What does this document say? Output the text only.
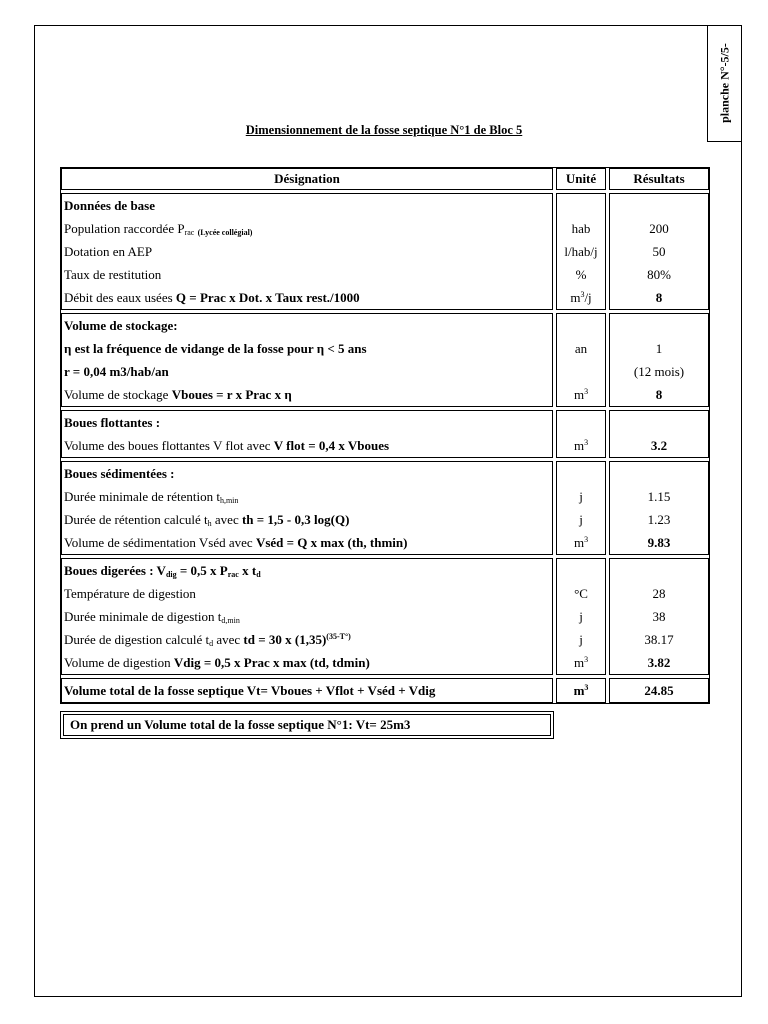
planche N°-5/5-
Dimensionnement de la fosse septique N°1 de Bloc 5
Désignation		Unité		Résultats

Données de base				
Population raccordée $P_{rac}$ $_{(Lycée collégial)}$		hab		200
Dotation en AEP		l/hab/j		50
Taux de restitution		%		80%
Débit des eaux usées Q = Prac x Dot. x Taux rest./1000		$m^3/j$		8

Volume de stockage:				
η est la fréquence de vidange de la fosse pour η < 5 ans		an		1
r = 0,04 m3/hab/an				(12 mois)
Volume de stockage Vboues = r x Prac x η		$m^3$		8

Boues flottantes :				
Volume des boues flottantes V flot avec V flot = 0,4 x Vboues		$m^3$		3.2

Boues sédimentées :				
Durée minimale de rétention $t_{h,min}$		j		1.15
Durée de rétention calculé $t_h$ avec th = 1,5 - 0,3 log(Q)		j		1.23
Volume de sédimentation Vséd avec Vséd = Q x max (th, thmin)		$m^3$		9.83

Boues digerées : $V_{dig} = 0,5$ x $P_{rac}$ x $t_d$				
Température de digestion		°C		28
Durée minimale de digestion $t_{d,min}$		j		38
Durée de digestion calculé $t_d$ avec td = 30 x $(1,35)^{(35-T^\circ)}$		j		38.17
Volume de digestion Vdig = 0,5 x Prac x max (td, tdmin)		$m^3$		3.82

Volume total de la fosse septique Vt= Vboues + Vflot + Vséd + Vdig		$m^3$		24.85
On prend un Volume total de la fosse septique N°1: Vt= 25m3
